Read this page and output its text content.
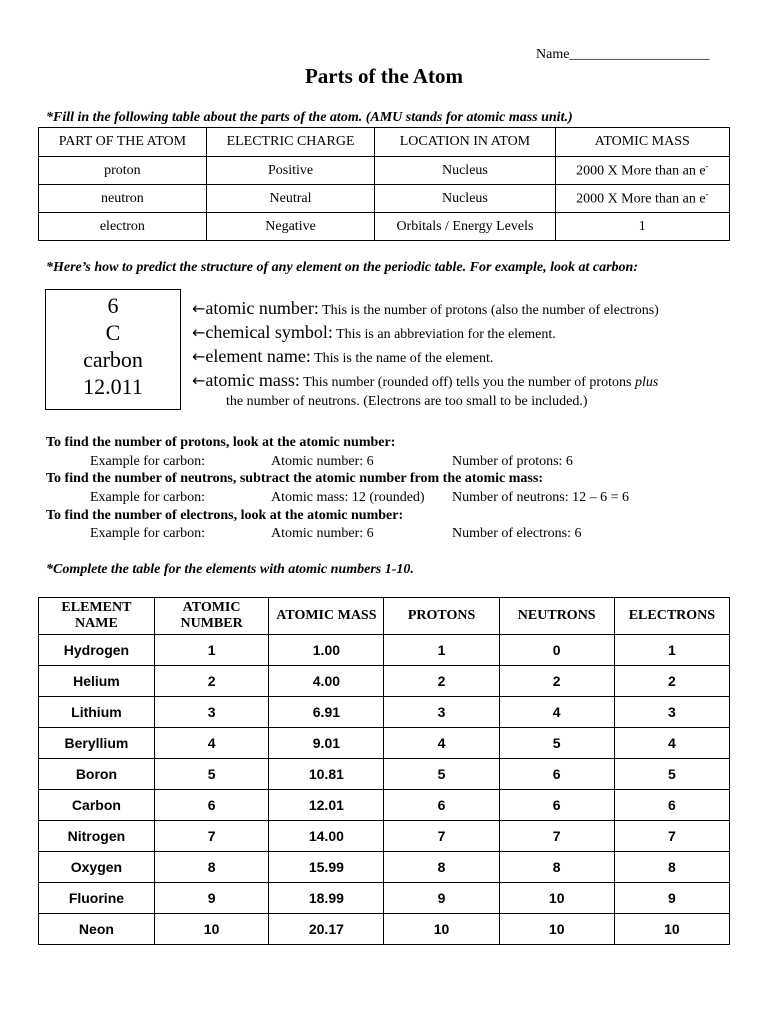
Name____________________
Parts of the Atom
*Fill in the following table about the parts of the atom. (AMU stands for atomic mass unit.)
PART OF THE ATOM	ELECTRIC CHARGE	LOCATION IN ATOM	ATOMIC MASS
proton	Positive	Nucleus	2000 X More than an e-
neutron	Neutral	Nucleus	2000 X More than an e-
electron	Negative	Orbitals / Energy Levels	1
*Here’s how to predict the structure of any element on the periodic table. For example, look at carbon:
6
C
carbon
12.011
←atomic number: This is the number of protons (also the number of electrons)
←chemical symbol: This is an abbreviation for the element.
←element name: This is the name of the element.
←atomic mass: This number (rounded off) tells you the number of protons plus
the number of neutrons. (Electrons are too small to be included.)
To find the number of protons, look at the atomic number:
Example for carbon:	Atomic number: 6	Number of protons: 6
To find the number of neutrons, subtract the atomic number from the atomic mass:
Example for carbon:	Atomic mass: 12 (rounded) Number of neutrons: 12 – 6 = 6
To find the number of electrons, look at the atomic number:
Example for carbon:	Atomic number: 6	Number of electrons: 6
*Complete the table for the elements with atomic numbers 1-10.
ELEMENT NAME	ATOMIC NUMBER	ATOMIC MASS	PROTONS	NEUTRONS	ELECTRONS
Hydrogen	1	1.00	1	0	1
Helium	2	4.00	2	2	2
Lithium	3	6.91	3	4	3
Beryllium	4	9.01	4	5	4
Boron	5	10.81	5	6	5
Carbon	6	12.01	6	6	6
Nitrogen	7	14.00	7	7	7
Oxygen	8	15.99	8	8	8
Fluorine	9	18.99	9	10	9
Neon	10	20.17	10	10	10
